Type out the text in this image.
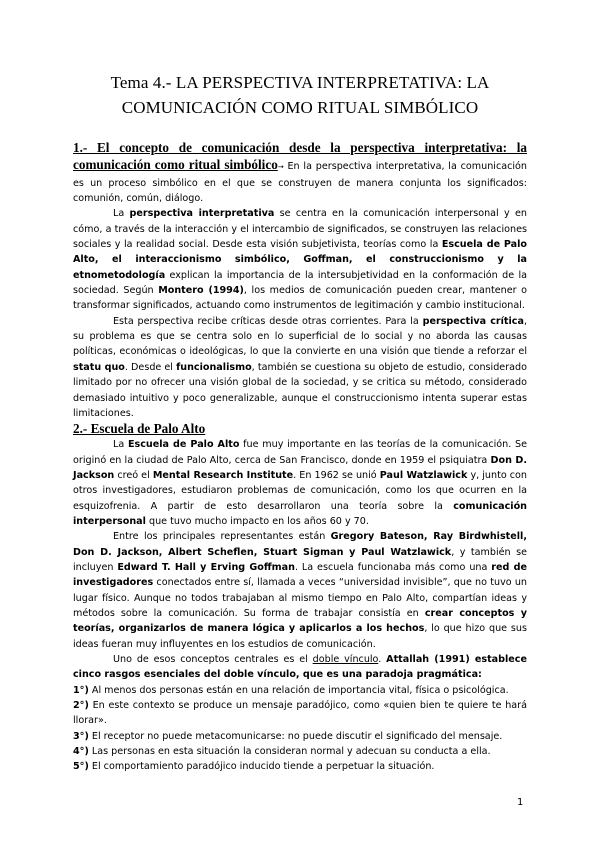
Tema 4.- LA PERSPECTIVA INTERPRETATIVA: LA
COMUNICACIÓN COMO RITUAL SIMBÓLICO

1.- El concepto de comunicación desde la perspectiva interpretativa: la comunicación como ritual simbólico→ En la perspectiva interpretativa, la comunicación es un proceso simbólico en el que se construyen de manera conjunta los significados: comunión, común, diálogo.

La perspectiva interpretativa se centra en la comunicación interpersonal y en cómo, a través de la interacción y el intercambio de significados, se construyen las relaciones sociales y la realidad social. Desde esta visión subjetivista, teorías como la Escuela de Palo Alto, el interaccionismo simbólico, Goffman, el construccionismo y la etnometodología explican la importancia de la intersubjetividad en la conformación de la sociedad. Según Montero (1994), los medios de comunicación pueden crear, mantener o transformar significados, actuando como instrumentos de legitimación y cambio institucional.

Esta perspectiva recibe críticas desde otras corrientes. Para la perspectiva crítica, su problema es que se centra solo en lo superficial de lo social y no aborda las causas políticas, económicas o ideológicas, lo que la convierte en una visión que tiende a reforzar el statu quo. Desde el funcionalismo, también se cuestiona su objeto de estudio, considerado limitado por no ofrecer una visión global de la sociedad, y se critica su método, considerado demasiado intuitivo y poco generalizable, aunque el construccionismo intenta superar estas limitaciones.

2.- Escuela de Palo Alto

La Escuela de Palo Alto fue muy importante en las teorías de la comunicación. Se originó en la ciudad de Palo Alto, cerca de San Francisco, donde en 1959 el psiquiatra Don D. Jackson creó el Mental Research Institute. En 1962 se unió Paul Watzlawick y, junto con otros investigadores, estudiaron problemas de comunicación, como los que ocurren en la esquizofrenia. A partir de esto desarrollaron una teoría sobre la comunicación interpersonal que tuvo mucho impacto en los años 60 y 70.

Entre los principales representantes están Gregory Bateson, Ray Birdwhistell, Don D. Jackson, Albert Scheflen, Stuart Sigman y Paul Watzlawick, y también se incluyen Edward T. Hall y Erving Goffman. La escuela funcionaba más como una red de investigadores conectados entre sí, llamada a veces “universidad invisible”, que no tuvo un lugar físico. Aunque no todos trabajaban al mismo tiempo en Palo Alto, compartían ideas y métodos sobre la comunicación. Su forma de trabajar consistía en crear conceptos y teorías, organizarlos de manera lógica y aplicarlos a los hechos, lo que hizo que sus ideas fueran muy influyentes en los estudios de comunicación.

Uno de esos conceptos centrales es el doble vínculo. Attallah (1991) establece cinco rasgos esenciales del doble vínculo, que es una paradoja pragmática:

1°) Al menos dos personas están en una relación de importancia vital, física o psicológica.

2°) En este contexto se produce un mensaje paradójico, como «quien bien te quiere te hará llorar».

3°) El receptor no puede metacomunicarse: no puede discutir el significado del mensaje.

4°) Las personas en esta situación la consideran normal y adecuan su conducta a ella.

5°) El comportamiento paradójico inducido tiende a perpetuar la situación.

1
